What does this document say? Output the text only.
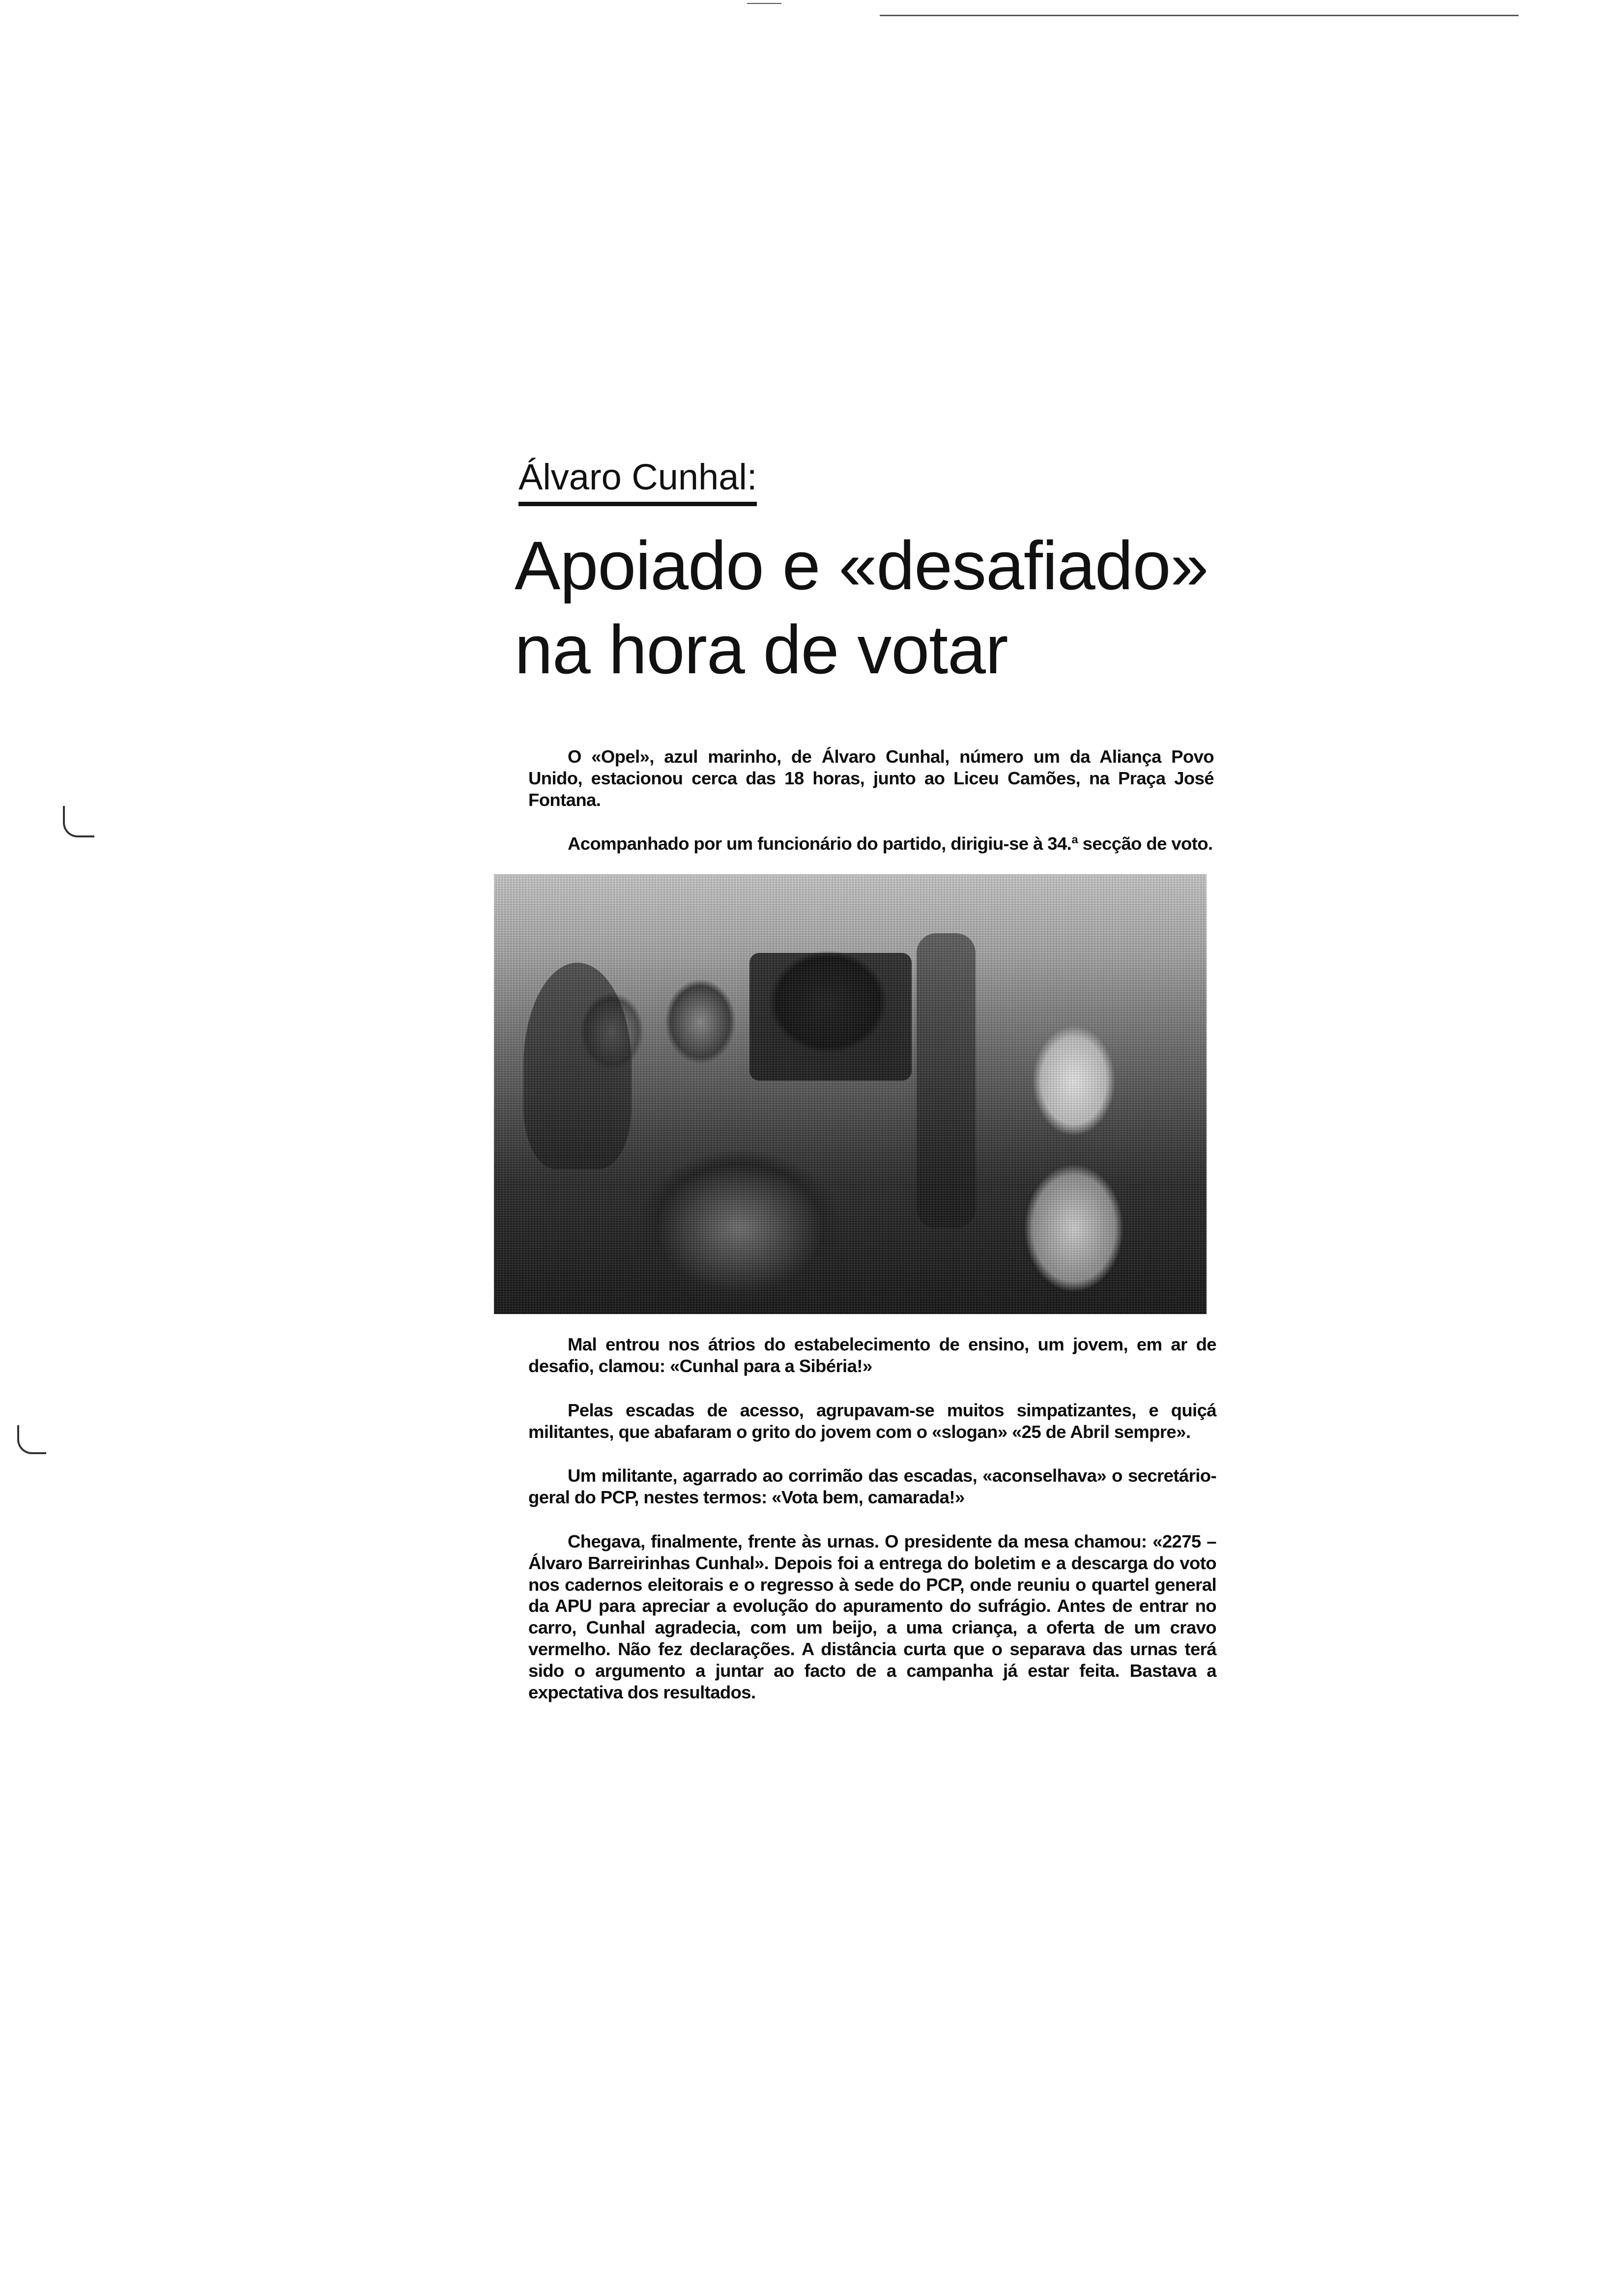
Álvaro Cunhal:
Apoiado e «desafiado»
na hora de votar

O «Opel», azul marinho, de Álvaro Cunhal, número um da Aliança Povo Unido, estacionou cerca das 18 horas, junto ao Liceu Camões, na Praça José Fontana.

Acompanhado por um funcionário do partido, dirigiu-se à 34.ª secção de voto.

Mal entrou nos átrios do estabelecimento de ensino, um jovem, em ar de desafio, clamou: «Cunhal para a Sibéria!»

Pelas escadas de acesso, agrupavam-se muitos simpatizantes, e quiçá militantes, que abafaram o grito do jovem com o «slogan» «25 de Abril sempre».

Um militante, agarrado ao corrimão das escadas, «aconselhava» o secretário-geral do PCP, nestes termos: «Vota bem, camarada!»

Chegava, finalmente, frente às urnas. O presidente da mesa chamou: «2275 – Álvaro Barreirinhas Cunhal». Depois foi a entrega do boletim e a descarga do voto nos cadernos eleitorais e o regresso à sede do PCP, onde reuniu o quartel general da APU para apreciar a evolução do apuramento do sufrágio. Antes de entrar no carro, Cunhal agradecia, com um beijo, a uma criança, a oferta de um cravo vermelho. Não fez declarações. A distância curta que o separava das urnas terá sido o argumento a juntar ao facto de a campanha já estar feita. Bastava a expectativa dos resultados.
